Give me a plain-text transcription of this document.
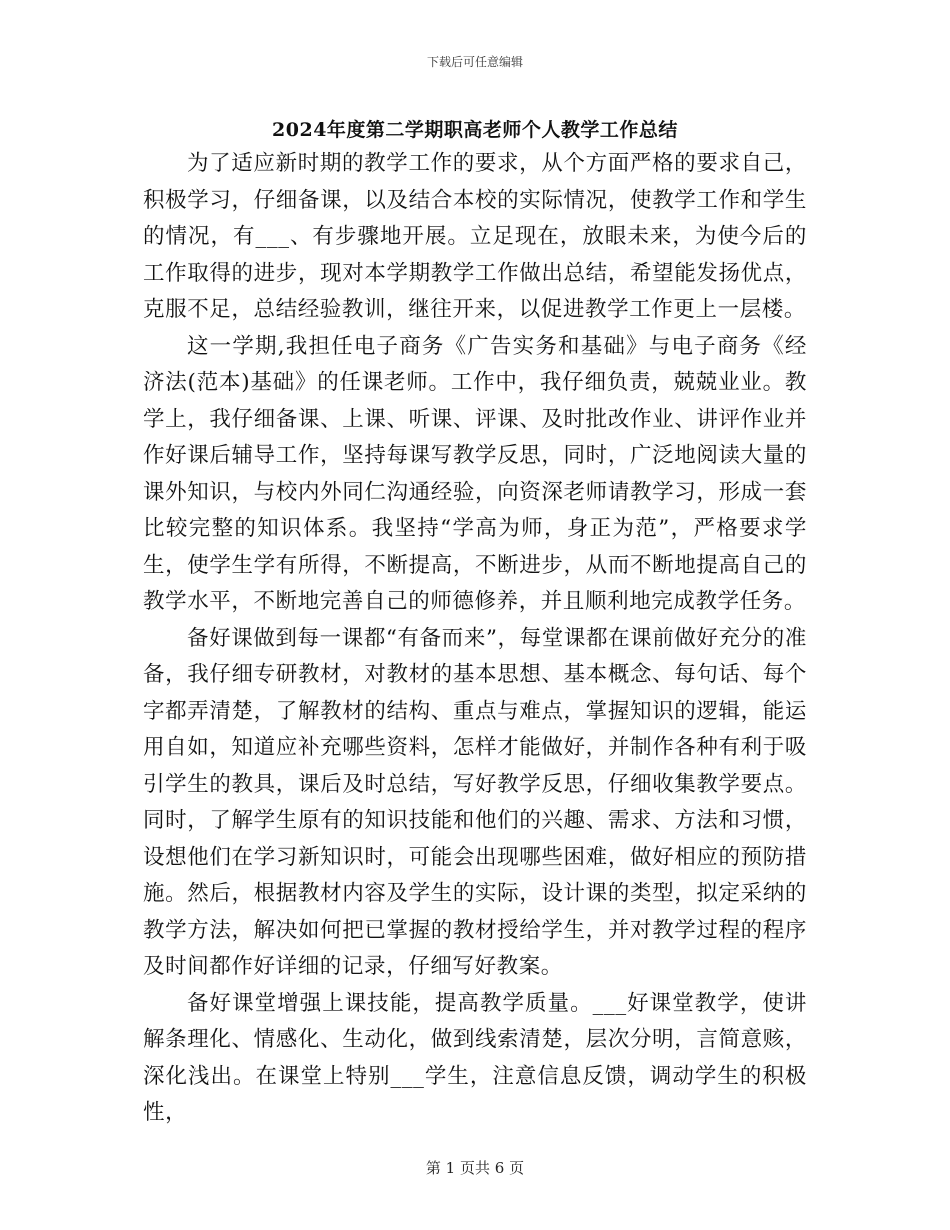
下载后可任意编辑
2024年度第二学期职高老师个人教学工作总结

为了适应新时期的教学工作的要求，从个方面严格的要求自己，积极学习，仔细备课，以及结合本校的实际情况，使教学工作和学生的情况，有___、有步骤地开展。立足现在，放眼未来，为使今后的工作取得的进步，现对本学期教学工作做出总结，希望能发扬优点，克服不足，总结经验教训，继往开来，以促进教学工作更上一层楼。

这一学期,我担任电子商务《广告实务和基础》与电子商务《经济法(范本)基础》的任课老师。工作中，我仔细负责，兢兢业业。教学上，我仔细备课、上课、听课、评课、及时批改作业、讲评作业并作好课后辅导工作，坚持每课写教学反思，同时，广泛地阅读大量的课外知识，与校内外同仁沟通经验，向资深老师请教学习，形成一套比较完整的知识体系。我坚持“学高为师，身正为范”，严格要求学生，使学生学有所得，不断提高，不断进步，从而不断地提高自己的教学水平，不断地完善自己的师德修养，并且顺利地完成教学任务。

备好课做到每一课都“有备而来”，每堂课都在课前做好充分的准备，我仔细专研教材，对教材的基本思想、基本概念、每句话、每个字都弄清楚，了解教材的结构、重点与难点，掌握知识的逻辑，能运用自如，知道应补充哪些资料，怎样才能做好，并制作各种有利于吸引学生的教具，课后及时总结，写好教学反思，仔细收集教学要点。同时，了解学生原有的知识技能和他们的兴趣、需求、方法和习惯，设想他们在学习新知识时，可能会出现哪些困难，做好相应的预防措施。然后，根据教材内容及学生的实际，设计课的类型，拟定采纳的教学方法，解决如何把已掌握的教材授给学生，并对教学过程的程序及时间都作好详细的记录，仔细写好教案。

备好课堂增强上课技能，提高教学质量。___好课堂教学，使讲解条理化、情感化、生动化，做到线索清楚，层次分明，言简意赅，深化浅出。在课堂上特别___学生，注意信息反馈，调动学生的积极性，

第 1 页共 6 页
